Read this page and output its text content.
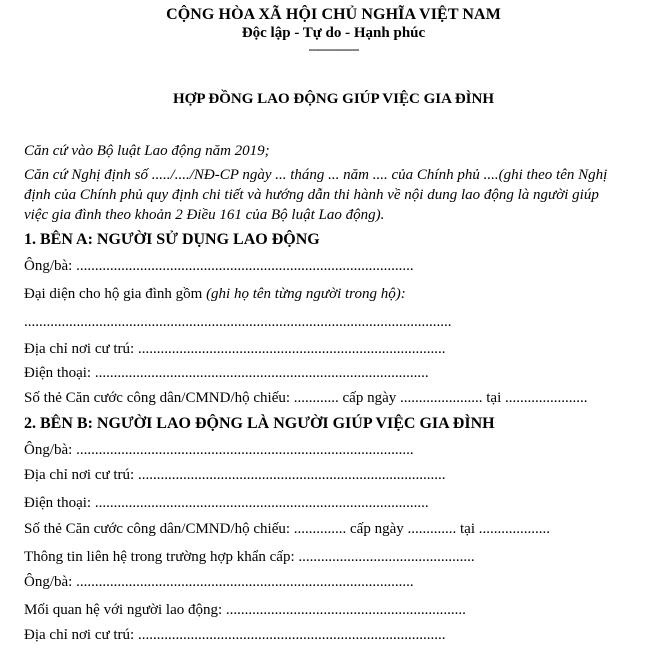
CỘNG HÒA XÃ HỘI CHỦ NGHĨA VIỆT NAM
Độc lập - Tự do - Hạnh phúc
---------------
HỢP ĐỒNG LAO ĐỘNG GIÚP VIỆC GIA ĐÌNH
Căn cứ vào Bộ luật Lao động năm 2019;
Căn cứ Nghị định số ...../..../NĐ-CP ngày ... tháng ... năm .... của Chính phủ ....(ghi theo tên Nghị
định của Chính phủ quy định chi tiết và hướng dẫn thi hành về nội dung lao động là người giúp
việc gia đình theo khoản 2 Điều 161 của Bộ luật Lao động).
1. BÊN A: NGƯỜI SỬ DỤNG LAO ĐỘNG
Ông/bà: ..........................................................................................
Đại diện cho hộ gia đình gồm (ghi họ tên từng người trong hộ):
..................................................................................................................
Địa chỉ nơi cư trú: ..................................................................................
Điện thoại: .........................................................................................
Số thẻ Căn cước công dân/CMND/hộ chiếu: ............ cấp ngày ...................... tại ......................
2. BÊN B: NGƯỜI LAO ĐỘNG LÀ NGƯỜI GIÚP VIỆC GIA ĐÌNH
Ông/bà: ..........................................................................................
Địa chỉ nơi cư trú: ..................................................................................
Điện thoại: .........................................................................................
Số thẻ Căn cước công dân/CMND/hộ chiếu: .............. cấp ngày ............. tại ...................
Thông tin liên hệ trong trường hợp khẩn cấp: ...............................................
Ông/bà: ..........................................................................................
Mối quan hệ với người lao động: ................................................................
Địa chỉ nơi cư trú: ..................................................................................
